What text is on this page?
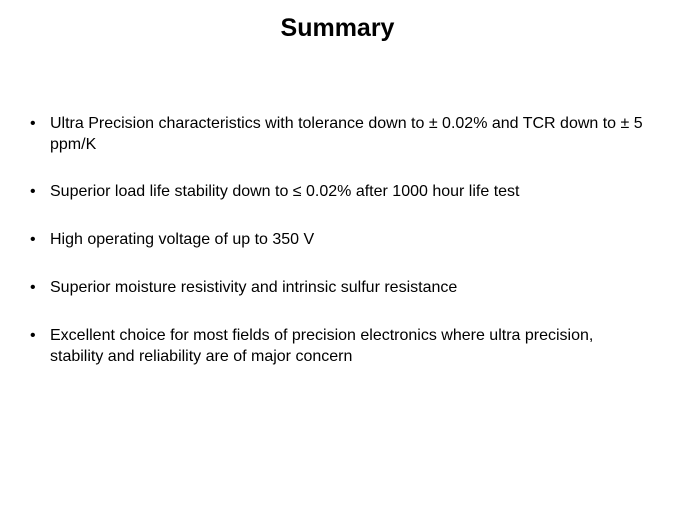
Summary
• Ultra Precision characteristics with tolerance down to ± 0.02% and TCR down to ± 5 ppm/K
• Superior load life stability down to ≤ 0.02% after 1000 hour life test
• High operating voltage of up to 350 V
• Superior moisture resistivity and intrinsic sulfur resistance
• Excellent choice for most fields of precision electronics where ultra precision, stability and reliability are of major concern
